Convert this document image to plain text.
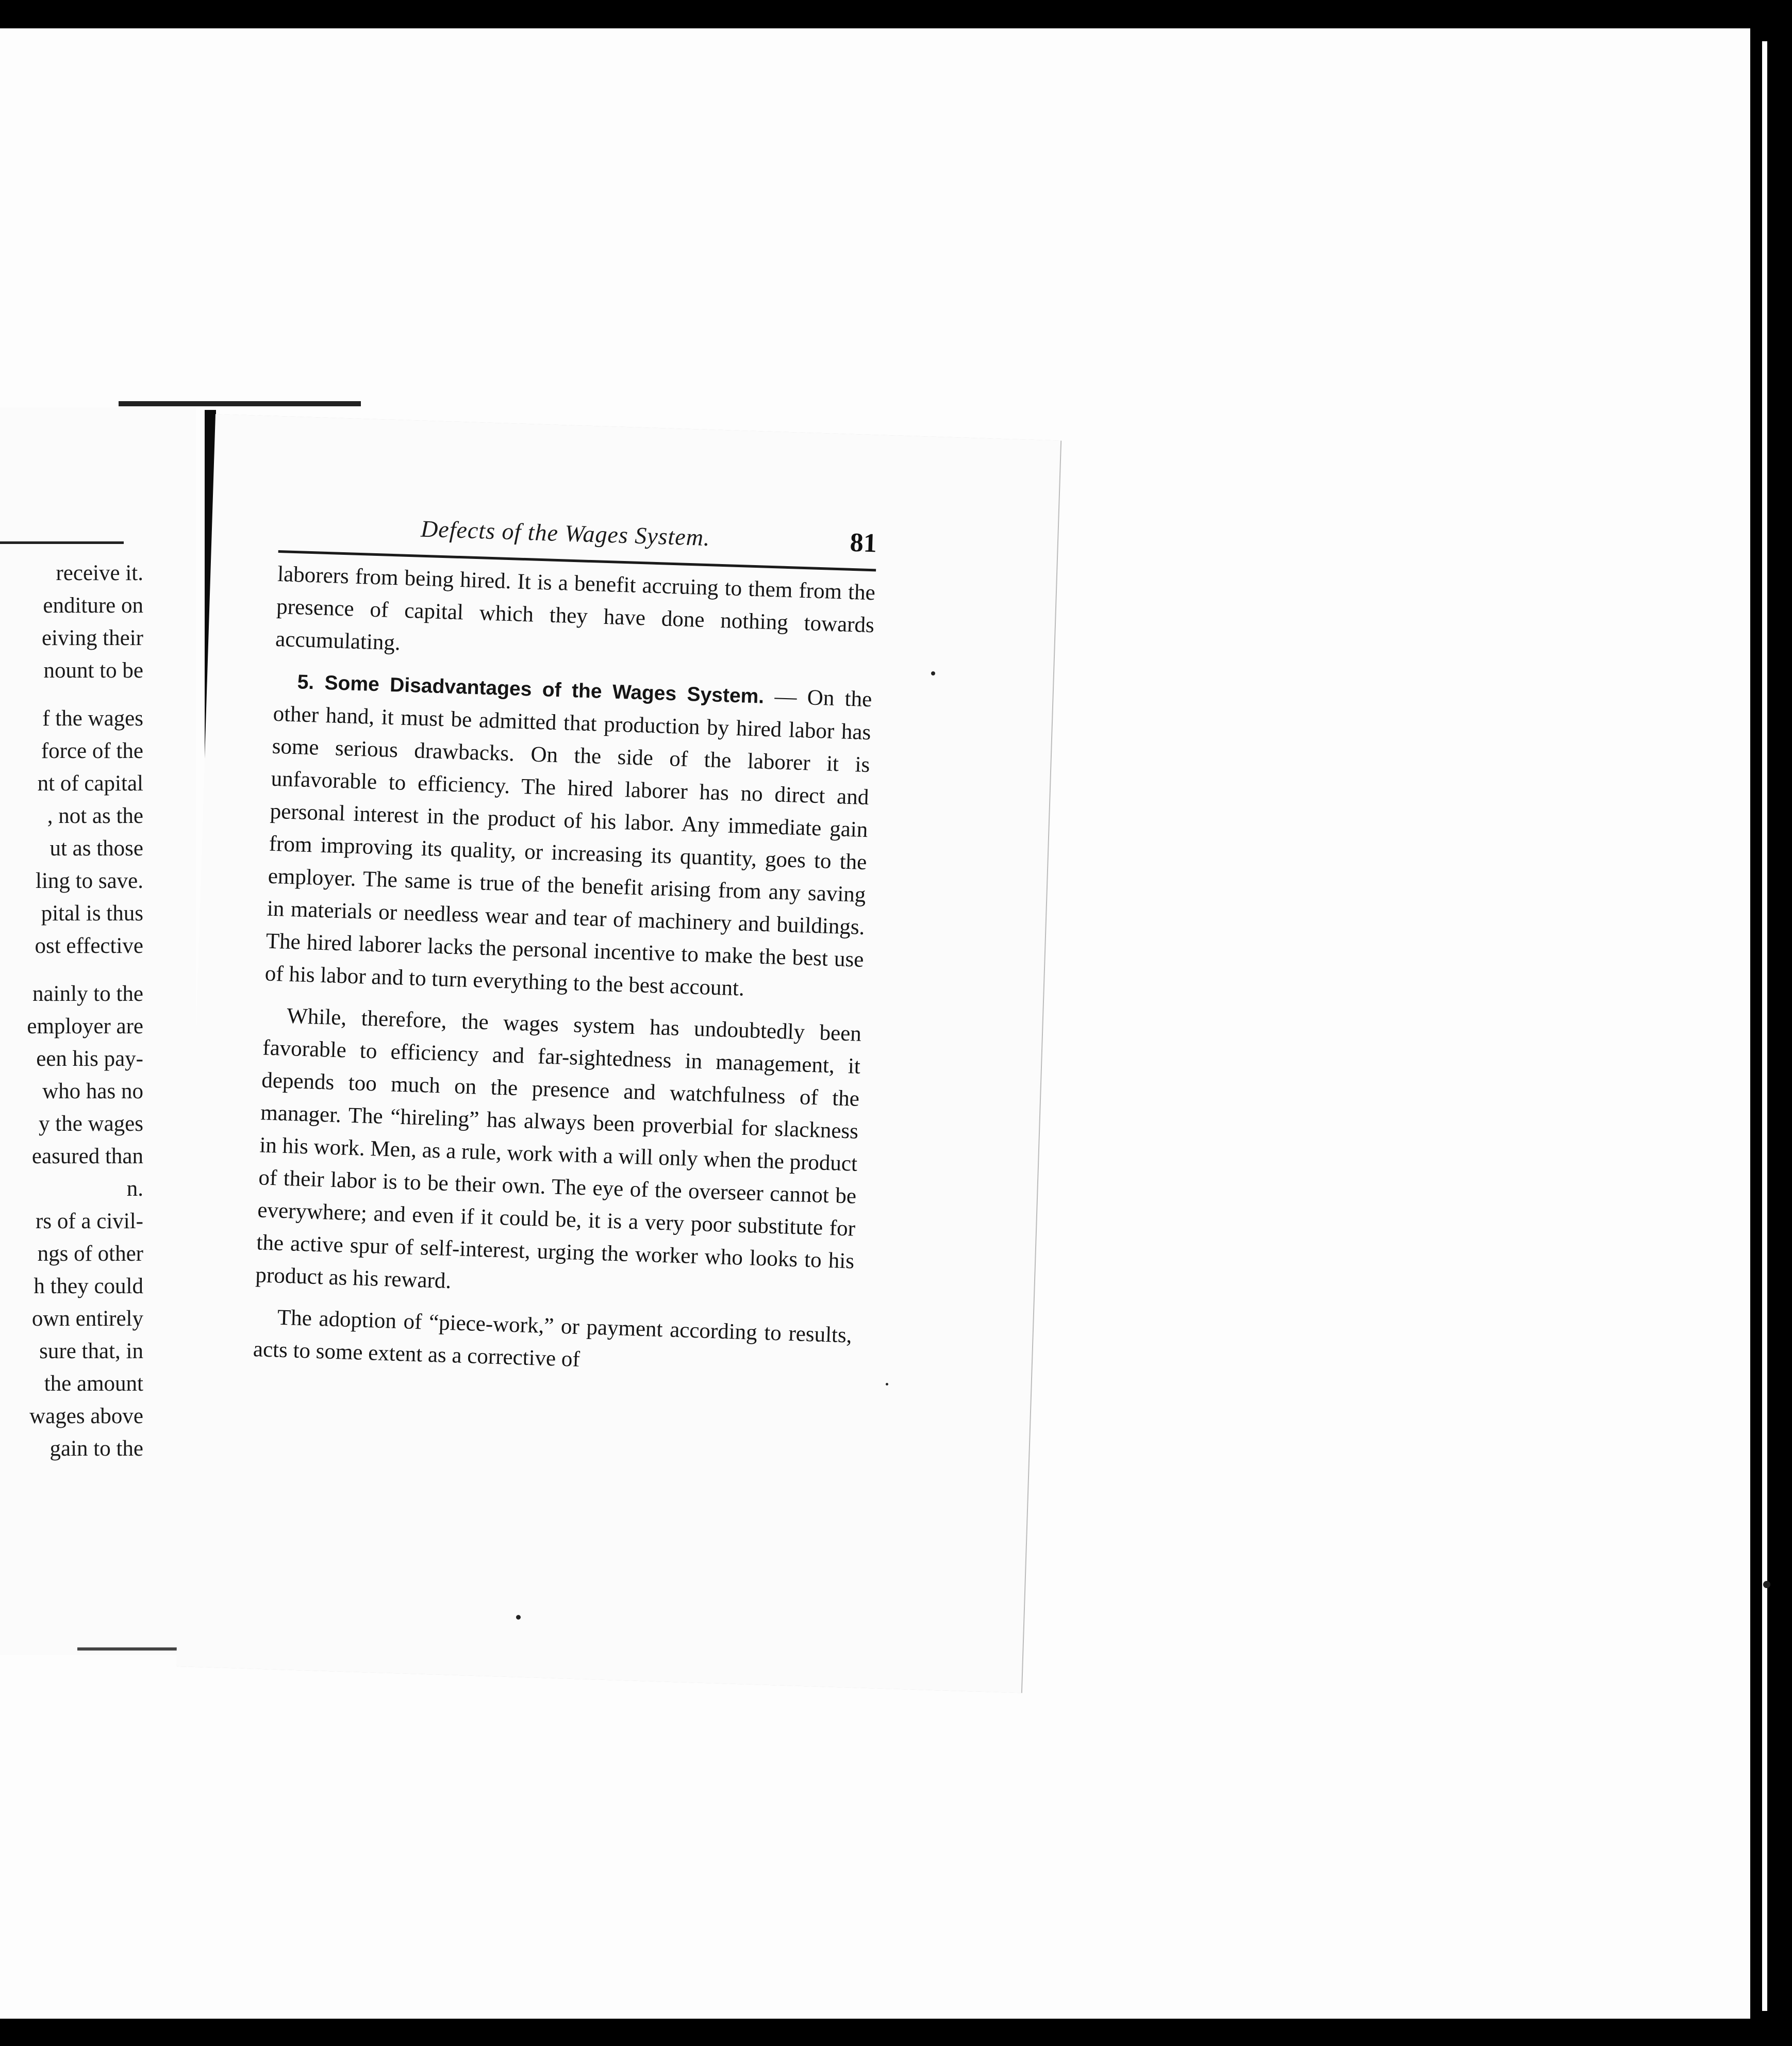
receive it.
enditure on
eiving their
nount to be
f the wages
force of the
nt of capital
, not as the
ut as those
ling to save.
pital is thus
ost effective
nainly to the
employer are
een his pay-
who has no
y the wages
easured than
n.
rs of a civil-
ngs of other
h they could
own entirely
sure that, in
the amount
wages above
gain to the
Defects of the Wages System.	81

laborers from being hired. It is a benefit accruing to them from the presence of capital which they have done nothing towards accumulating.

5. Some Disadvantages of the Wages System. — On the other hand, it must be admitted that production by hired labor has some serious drawbacks. On the side of the laborer it is unfavorable to efficiency. The hired laborer has no direct and personal interest in the product of his labor. Any immediate gain from improving its quality, or increasing its quantity, goes to the employer. The same is true of the benefit arising from any saving in materials or needless wear and tear of machinery and buildings. The hired laborer lacks the personal incentive to make the best use of his labor and to turn everything to the best account.

While, therefore, the wages system has undoubtedly been favorable to efficiency and far-sightedness in management, it depends too much on the presence and watchfulness of the manager. The “hireling” has always been proverbial for slackness in his work. Men, as a rule, work with a will only when the product of their labor is to be their own. The eye of the overseer cannot be everywhere; and even if it could be, it is a very poor substitute for the active spur of self-interest, urging the worker who looks to his product as his reward.

The adoption of “piece-work,” or payment according to results, acts to some extent as a corrective of
